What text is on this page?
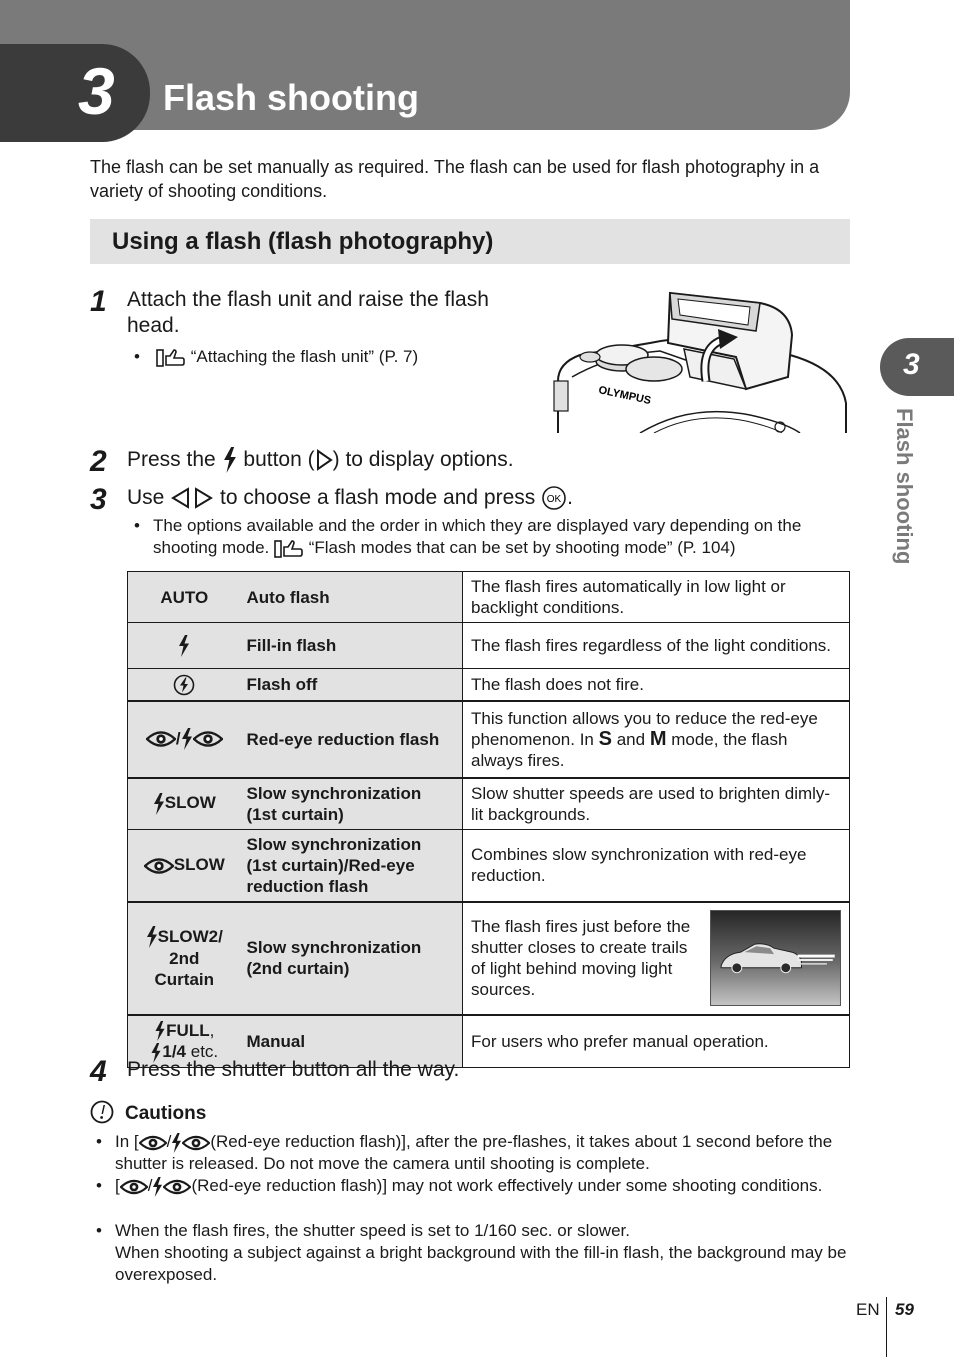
3 Flash shooting

The flash can be set manually as required. The flash can be used for flash photography in a variety of shooting conditions.

Using a flash (flash photography)
1 Attach the flash unit and raise the flash head.
•	“Attaching the flash unit” (P. 7)
OLYMPUS
2 Press the button ( ) to display options.
3 Use	to choose a flash mode and press OK .
• The options available and the order in which they are displayed vary depending on the shooting mode. “Flash modes that can be set by shooting mode” (P. 104)
AUTO	Auto flash	The flash fires automatically in low light or backlight conditions.
	Fill-in flash	The flash fires regardless of the light conditions.
	Flash off	The flash does not fire.
/	Red-eye reduction flash	This function allows you to reduce the red-eye phenomenon. In S and M mode, the flash always fires.
SLOW	Slow synchronization (1st curtain)	Slow shutter speeds are used to brighten dimly-lit backgrounds.
SLOW	Slow synchronization (1st curtain)/Red-eye reduction flash	Combines slow synchronization with red-eye reduction.

SLOW2/
2nd
Curtain	Slow synchronization (2nd curtain)	The flash fires just before the shutter closes to create trails of light behind moving light sources.

FULL,
1/4 etc.	Manual	For users who prefer manual operation.
4 Press the shutter button all the way.
Cautions
• In [ / (Red-eye reduction flash)], after the pre-flashes, it takes about 1 second before the shutter is released. Do not move the camera until shooting is complete.
• [ / (Red-eye reduction flash)] may not work effectively under some shooting conditions.
• When the flash fires, the shutter speed is set to 1/160 sec. or slower.
When shooting a subject against a bright background with the fill-in flash, the background may be overexposed.
3
Flash shooting
EN 59
